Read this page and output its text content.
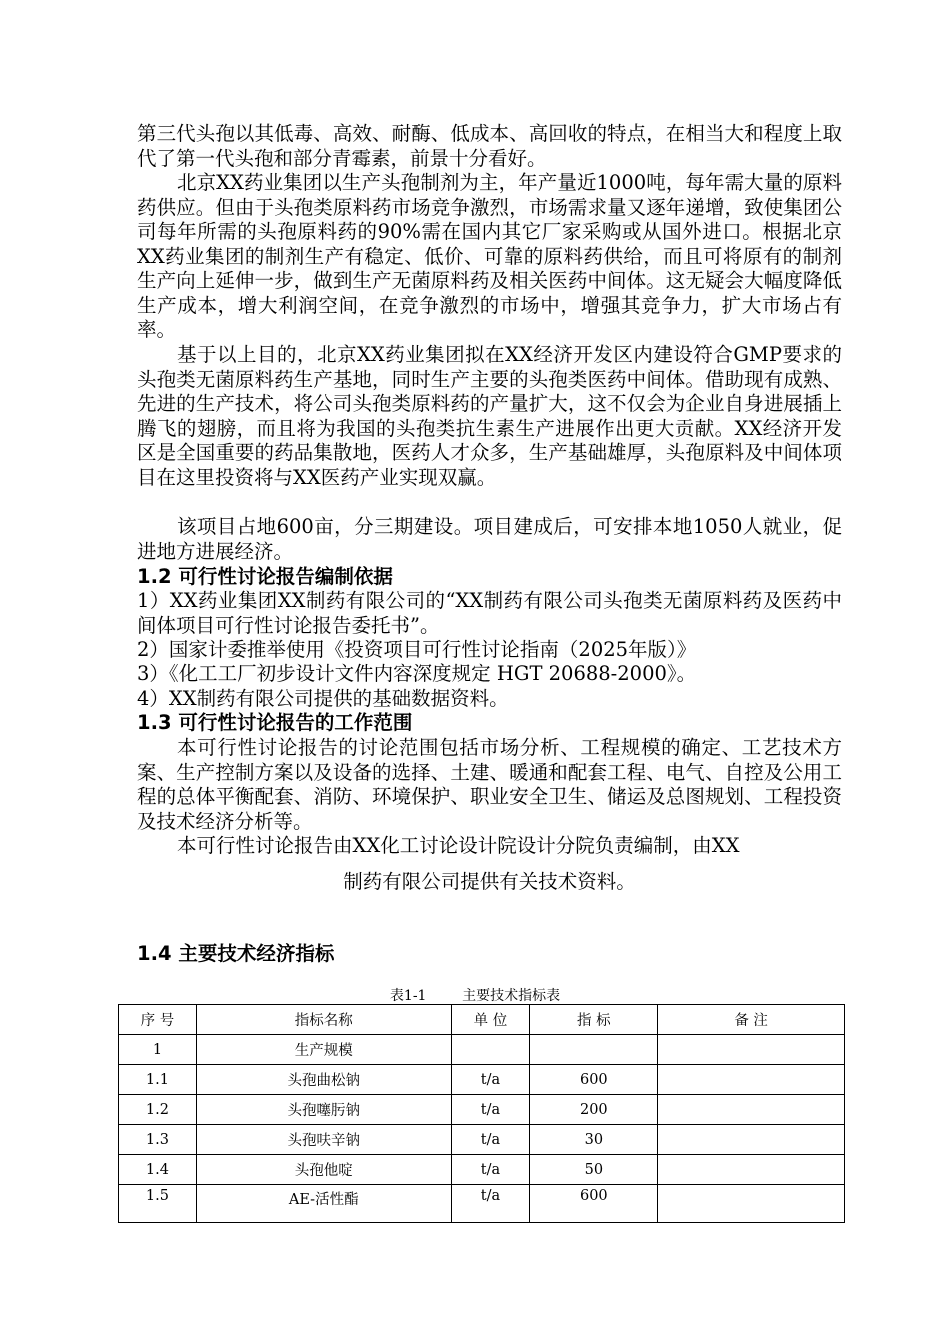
第三代头孢以其低毒、高效、耐酶、低成本、高回收的特点，在相当大和程度上取代了第一代头孢和部分青霉素，前景十分看好。

北京XX药业集团以生产头孢制剂为主，年产量近1000吨，每年需大量的原料药供应。但由于头孢类原料药市场竞争激烈，市场需求量又逐年递增，致使集团公司每年所需的头孢原料药的90%需在国内其它厂家采购或从国外进口。根据北京XX药业集团的制剂生产有稳定、低价、可靠的原料药供给，而且可将原有的制剂生产向上延伸一步，做到生产无菌原料药及相关医药中间体。这无疑会大幅度降低生产成本，增大利润空间，在竞争激烈的市场中，增强其竞争力，扩大市场占有率。

基于以上目的，北京XX药业集团拟在XX经济开发区内建设符合GMP要求的头孢类无菌原料药生产基地，同时生产主要的头孢类医药中间体。借助现有成熟、先进的生产技术，将公司头孢类原料药的产量扩大，这不仅会为企业自身进展插上腾飞的翅膀，而且将为我国的头孢类抗生素生产进展作出更大贡献。XX经济开发区是全国重要的药品集散地，医药人才众多，生产基础雄厚，头孢原料及中间体项目在这里投资将与XX医药产业实现双赢。

该项目占地600亩，分三期建设。项目建成后，可安排本地1050人就业，促进地方进展经济。

1.2 可行性讨论报告编制依据

1）XX药业集团XX制药有限公司的“XX制药有限公司头孢类无菌原料药及医药中间体项目可行性讨论报告委托书”。

2）国家计委推举使用《投资项目可行性讨论指南（2025年版）》

3）《化工工厂初步设计文件内容深度规定 HGT 20688-2000》。

4）XX制药有限公司提供的基础数据资料。

1.3 可行性讨论报告的工作范围

本可行性讨论报告的讨论范围包括市场分析、工程规模的确定、工艺技术方案、生产控制方案以及设备的选择、土建、暖通和配套工程、电气、自控及公用工程的总体平衡配套、消防、环境保护、职业安全卫生、储运及总图规划、工程投资及技术经济分析等。

本可行性讨论报告由XX化工讨论设计院设计分院负责编制，由XX

制药有限公司提供有关技术资料。

1.4 主要技术经济指标

表1-1        主要技术指标表

序 号	指标名称	单 位	指 标	备 注
1	生产规模			
1.1	头孢曲松钠	t/a	600	
1.2	头孢噻肟钠	t/a	200	
1.3	头孢呋辛钠	t/a	30	
1.4	头孢他啶	t/a	50	
1.5	AE-活性酯	t/a	600	
